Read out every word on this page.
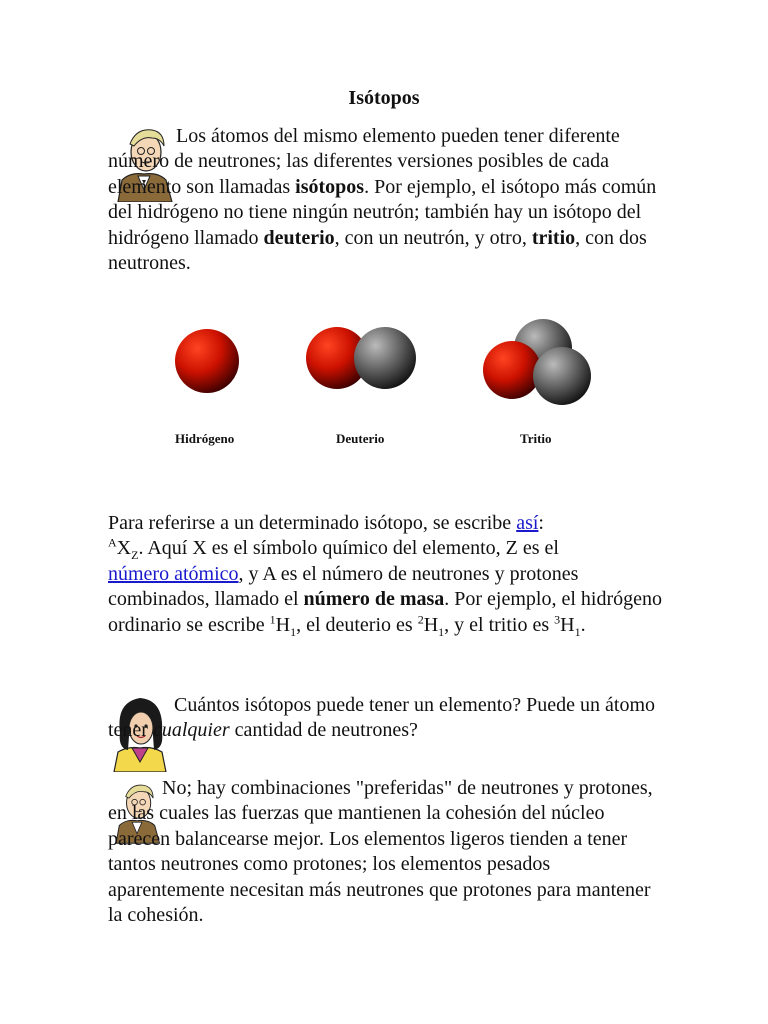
Isótopos

Los átomos del mismo elemento pueden tener diferente número de neutrones; las diferentes versiones posibles de cada elemento son llamadas isótopos. Por ejemplo, el isótopo más común del hidrógeno no tiene ningún neutrón; también hay un isótopo del hidrógeno llamado deuterio, con un neutrón, y otro, tritio, con dos neutrones.

Hidrógeno	Deuterio	Tritio

Para referirse a un determinado isótopo, se escribe así:
$^AX_Z$. Aquí X es el símbolo químico del elemento, Z es el
número atómico, y A es el número de neutrones y protones combinados, llamado el número de masa. Por ejemplo, el hidrógeno ordinario se escribe $^1H_1$, el deuterio es $^2H_1$, y el tritio es $^3H_1$.

Cuántos isótopos puede tener un elemento? Puede un átomo tener cualquier cantidad de neutrones?

No; hay combinaciones "preferidas" de neutrones y protones, en las cuales las fuerzas que mantienen la cohesión del núcleo parecen balancearse mejor. Los elementos ligeros tienden a tener tantos neutrones como protones; los elementos pesados aparentemente necesitan más neutrones que protones para mantener la cohesión.
